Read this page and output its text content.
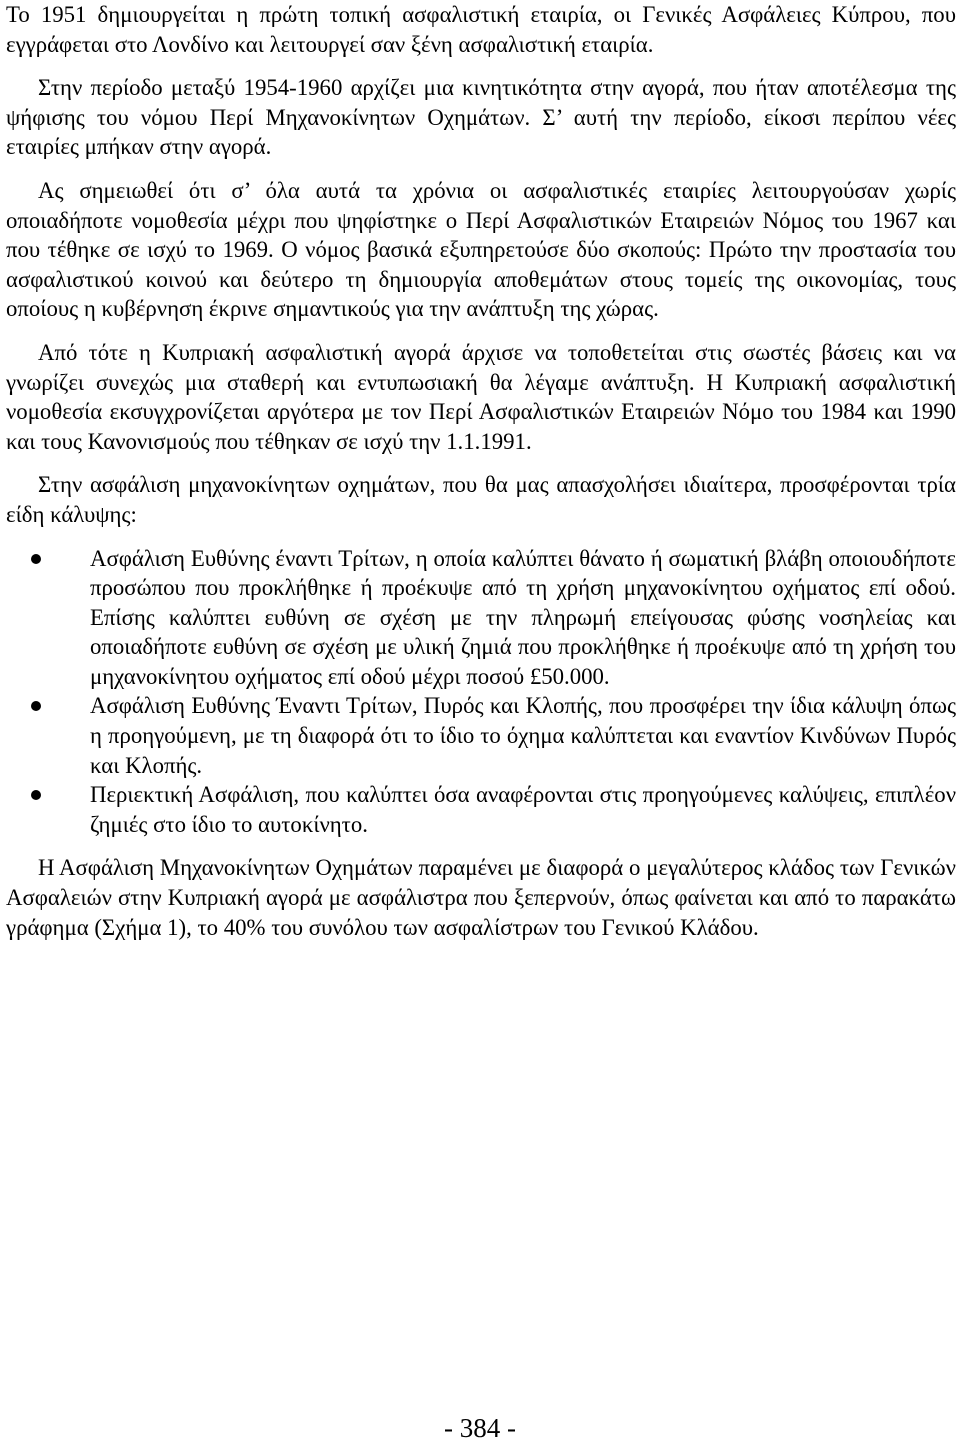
Το 1951 δημιουργείται η πρώτη τοπική ασφαλιστική εταιρία, οι Γενικές Ασφάλειες Κύπρου, που εγγράφεται στο Λονδίνο και λειτουργεί σαν ξένη ασφαλιστική εταιρία.

Στην περίοδο μεταξύ 1954-1960 αρχίζει μια κινητικότητα στην αγορά, που ήταν αποτέλεσμα της ψήφισης του νόμου Περί Μηχανοκίνητων Οχημάτων. Σ’ αυτή την περίοδο, είκοσι περίπου νέες εταιρίες μπήκαν στην αγορά.

Ας σημειωθεί ότι σ’ όλα αυτά τα χρόνια οι ασφαλιστικές εταιρίες λειτουργούσαν χωρίς οποιαδήποτε νομοθεσία μέχρι που ψηφίστηκε ο Περί Ασφαλιστικών Εταιρειών Νόμος του 1967 και που τέθηκε σε ισχύ το 1969. Ο νόμος βασικά εξυπηρετούσε δύο σκοπούς: Πρώτο την προστασία του ασφαλιστικού κοινού και δεύτερο τη δημιουργία αποθεμάτων στους τομείς της οικονομίας, τους οποίους η κυβέρνηση έκρινε σημαντικούς για την ανάπτυξη της χώρας.

Από τότε η Κυπριακή ασφαλιστική αγορά άρχισε να τοποθετείται στις σωστές βάσεις και να γνωρίζει συνεχώς μια σταθερή και εντυπωσιακή θα λέγαμε ανάπτυξη. Η Κυπριακή ασφαλιστική νομοθεσία εκσυγχρονίζεται αργότερα με τον Περί Ασφαλιστικών Εταιρειών Νόμο του 1984 και 1990 και τους Κανονισμούς που τέθηκαν σε ισχύ την 1.1.1991.

Στην ασφάλιση μηχανοκίνητων οχημάτων, που θα μας απασχολήσει ιδιαίτερα, προσφέρονται τρία είδη κάλυψης:

Ασφάλιση Ευθύνης έναντι Τρίτων, η οποία καλύπτει θάνατο ή σωματική βλάβη οποιουδήποτε προσώπου που προκλήθηκε ή προέκυψε από τη χρήση μηχανοκίνητου οχήματος επί οδού. Επίσης καλύπτει ευθύνη σε σχέση με την πληρωμή επείγουσας φύσης νοσηλείας και οποιαδήποτε ευθύνη σε σχέση με υλική ζημιά που προκλήθηκε ή προέκυψε από τη χρήση του μηχανοκίνητου οχήματος επί οδού μέχρι ποσού £50.000.
Ασφάλιση Ευθύνης Έναντι Τρίτων, Πυρός και Κλοπής, που προσφέρει την ίδια κάλυψη όπως η προηγούμενη, με τη διαφορά ότι το ίδιο το όχημα καλύπτεται και εναντίον Κινδύνων Πυρός και Κλοπής.
Περιεκτική Ασφάλιση, που καλύπτει όσα αναφέρονται στις προηγούμενες καλύψεις, επιπλέον ζημιές στο ίδιο το αυτοκίνητο.

Η Ασφάλιση Μηχανοκίνητων Οχημάτων παραμένει με διαφορά ο μεγαλύτερος κλάδος των Γενικών Ασφαλειών στην Κυπριακή αγορά με ασφάλιστρα που ξεπερνούν, όπως φαίνεται και από το παρακάτω γράφημα (Σχήμα 1), το 40% του συνόλου των ασφαλίστρων του Γενικού Κλάδου.

- 384 -
